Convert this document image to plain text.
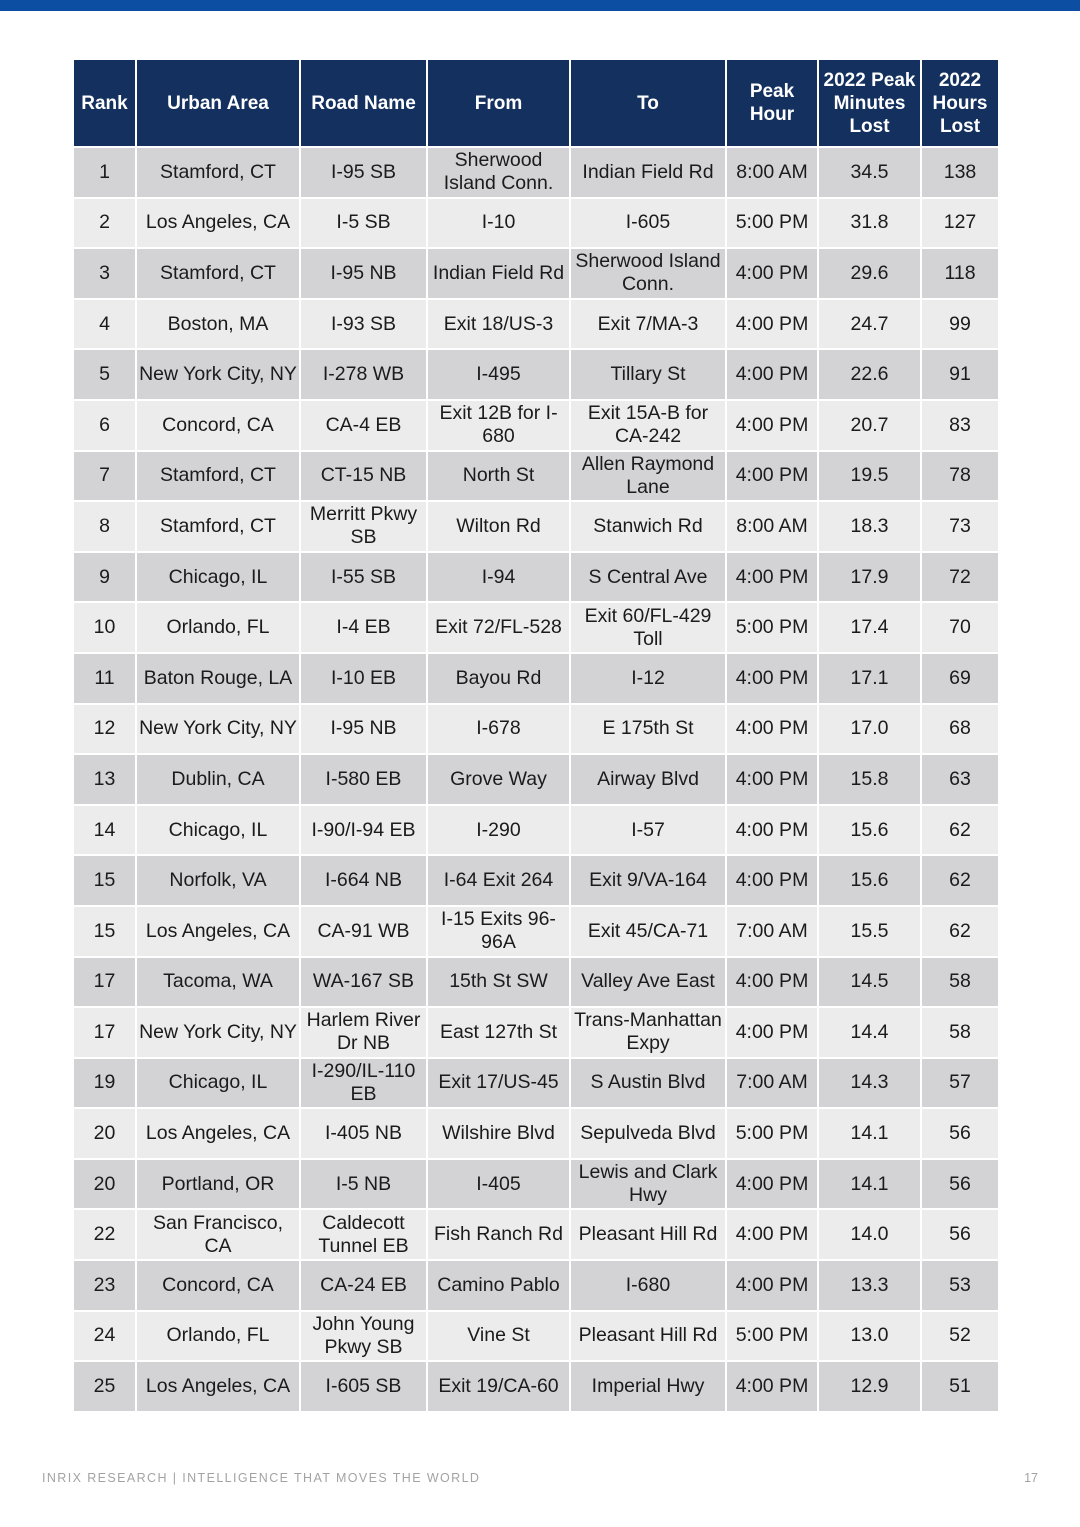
Rank	Urban Area	Road Name	From	To	Peak Hour	2022 Peak Minutes Lost	2022 Hours Lost
1	Stamford, CT	I-95 SB	Sherwood Island Conn.	Indian Field Rd	8:00 AM	34.5	138
2	Los Angeles, CA	I-5 SB	I-10	I-605	5:00 PM	31.8	127
3	Stamford, CT	I-95 NB	Indian Field Rd	Sherwood Island Conn.	4:00 PM	29.6	118
4	Boston, MA	I-93 SB	Exit 18/US-3	Exit 7/MA-3	4:00 PM	24.7	99
5	New York City, NY	I-278 WB	I-495	Tillary St	4:00 PM	22.6	91
6	Concord, CA	CA-4 EB	Exit 12B for I-680	Exit 15A-B for CA-242	4:00 PM	20.7	83
7	Stamford, CT	CT-15 NB	North St	Allen Raymond Lane	4:00 PM	19.5	78
8	Stamford, CT	Merritt Pkwy SB	Wilton Rd	Stanwich Rd	8:00 AM	18.3	73
9	Chicago, IL	I-55 SB	I-94	S Central Ave	4:00 PM	17.9	72
10	Orlando, FL	I-4 EB	Exit 72/FL-528	Exit 60/FL-429 Toll	5:00 PM	17.4	70
11	Baton Rouge, LA	I-10 EB	Bayou Rd	I-12	4:00 PM	17.1	69
12	New York City, NY	I-95 NB	I-678	E 175th St	4:00 PM	17.0	68
13	Dublin, CA	I-580 EB	Grove Way	Airway Blvd	4:00 PM	15.8	63
14	Chicago, IL	I-90/I-94 EB	I-290	I-57	4:00 PM	15.6	62
15	Norfolk, VA	I-664 NB	I-64 Exit 264	Exit 9/VA-164	4:00 PM	15.6	62
15	Los Angeles, CA	CA-91 WB	I-15 Exits 96-96A	Exit 45/CA-71	7:00 AM	15.5	62
17	Tacoma, WA	WA-167 SB	15th St SW	Valley Ave East	4:00 PM	14.5	58
17	New York City, NY	Harlem River Dr NB	East 127th St	Trans-Manhattan Expy	4:00 PM	14.4	58
19	Chicago, IL	I-290/IL-110 EB	Exit 17/US-45	S Austin Blvd	7:00 AM	14.3	57
20	Los Angeles, CA	I-405 NB	Wilshire Blvd	Sepulveda Blvd	5:00 PM	14.1	56
20	Portland, OR	I-5 NB	I-405	Lewis and Clark Hwy	4:00 PM	14.1	56
22	San Francisco, CA	Caldecott Tunnel EB	Fish Ranch Rd	Pleasant Hill Rd	4:00 PM	14.0	56
23	Concord, CA	CA-24 EB	Camino Pablo	I-680	4:00 PM	13.3	53
24	Orlando, FL	John Young Pkwy SB	Vine St	Pleasant Hill Rd	5:00 PM	13.0	52
25	Los Angeles, CA	I-605 SB	Exit 19/CA-60	Imperial Hwy	4:00 PM	12.9	51
INRIX RESEARCH | INTELLIGENCE THAT MOVES THE WORLD	17
